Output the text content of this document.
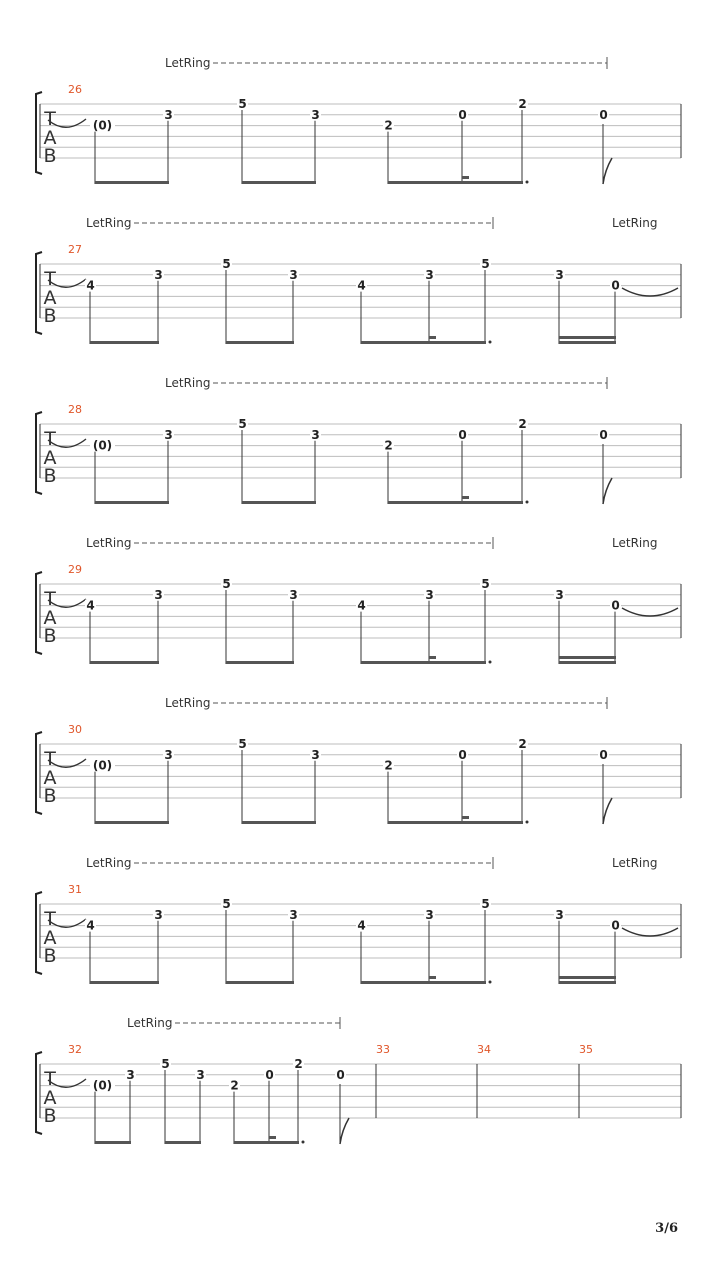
T
A
B
26
LetRing
(0)
3
5
3
2
0
2
0
T
A
B
27
LetRing	LetRing
4
3
5
3
4
3
5
3
0
T
A
B
28
LetRing
(0)
3
5
3
2
0
2
0
T
A
B
29
LetRing	LetRing
4
3
5
3
4
3
5
3
0
T
A
B
30
LetRing
(0)
3
5
3
2
0
2
0
T
A
B
31
LetRing	LetRing
4
3
5
3
4
3
5
3
0
T
A
B
32
LetRing
(0)
3
5
3
2
0
2
0
33	34	35
3/6
